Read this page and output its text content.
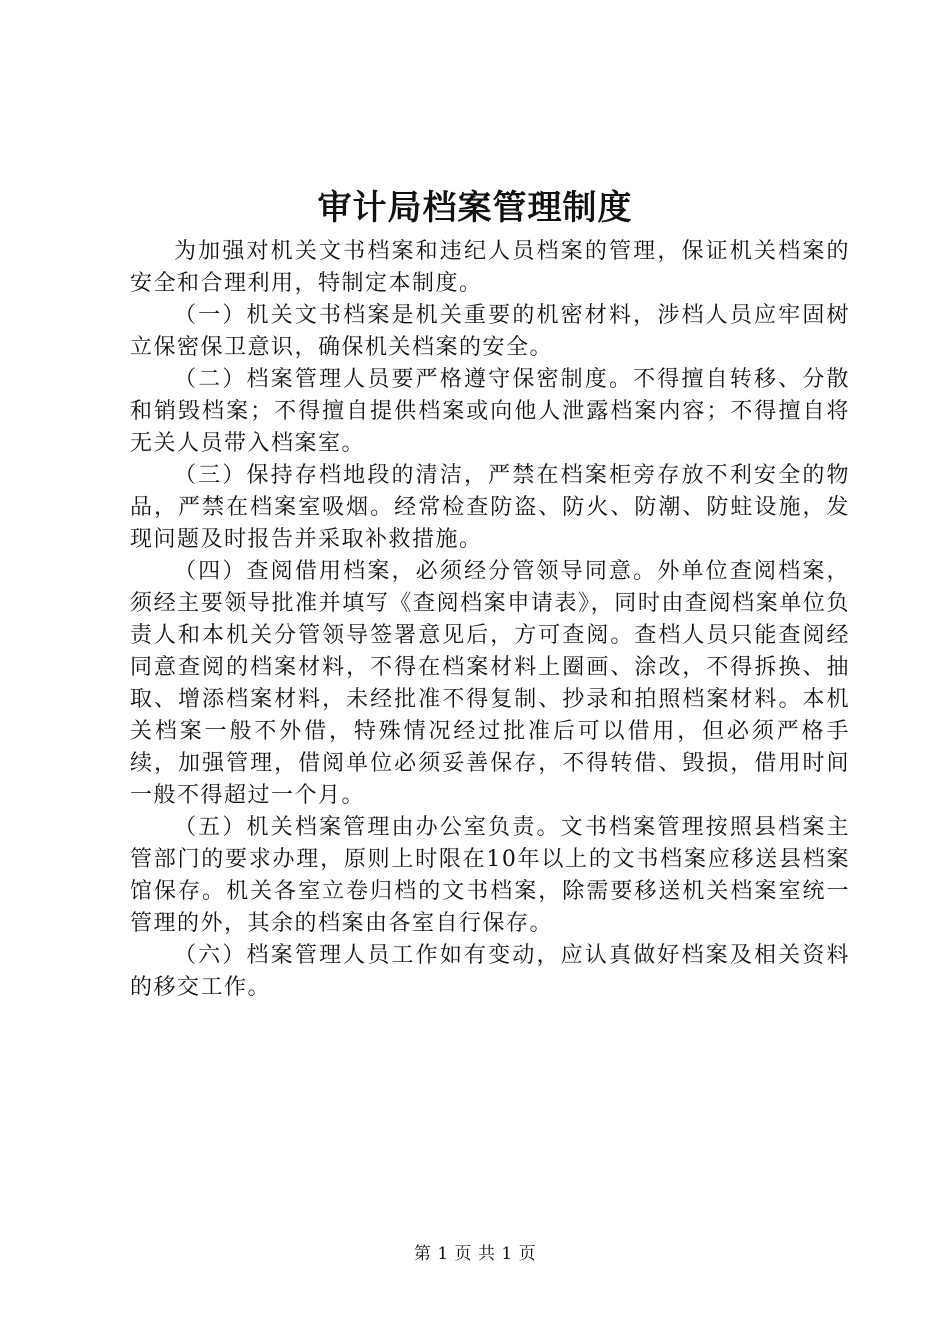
审计局档案管理制度

为加强对机关文书档案和违纪人员档案的管理，保证机关档案的安全和合理利用，特制定本制度。

（一）机关文书档案是机关重要的机密材料，涉档人员应牢固树立保密保卫意识，确保机关档案的安全。

（二）档案管理人员要严格遵守保密制度。不得擅自转移、分散和销毁档案；不得擅自提供档案或向他人泄露档案内容；不得擅自将无关人员带入档案室。

（三）保持存档地段的清洁，严禁在档案柜旁存放不利安全的物品，严禁在档案室吸烟。经常检查防盗、防火、防潮、防蛀设施，发现问题及时报告并采取补救措施。

（四）查阅借用档案，必须经分管领导同意。外单位查阅档案，须经主要领导批准并填写《查阅档案申请表》，同时由查阅档案单位负责人和本机关分管领导签署意见后，方可查阅。查档人员只能查阅经同意查阅的档案材料，不得在档案材料上圈画、涂改，不得拆换、抽取、增添档案材料，未经批准不得复制、抄录和拍照档案材料。本机关档案一般不外借，特殊情况经过批准后可以借用，但必须严格手续，加强管理，借阅单位必须妥善保存，不得转借、毁损，借用时间一般不得超过一个月。

（五）机关档案管理由办公室负责。文书档案管理按照县档案主管部门的要求办理，原则上时限在10年以上的文书档案应移送县档案馆保存。机关各室立卷归档的文书档案，除需要移送机关档案室统一管理的外，其余的档案由各室自行保存。

（六）档案管理人员工作如有变动，应认真做好档案及相关资料的移交工作。

第 1 页 共 1 页
